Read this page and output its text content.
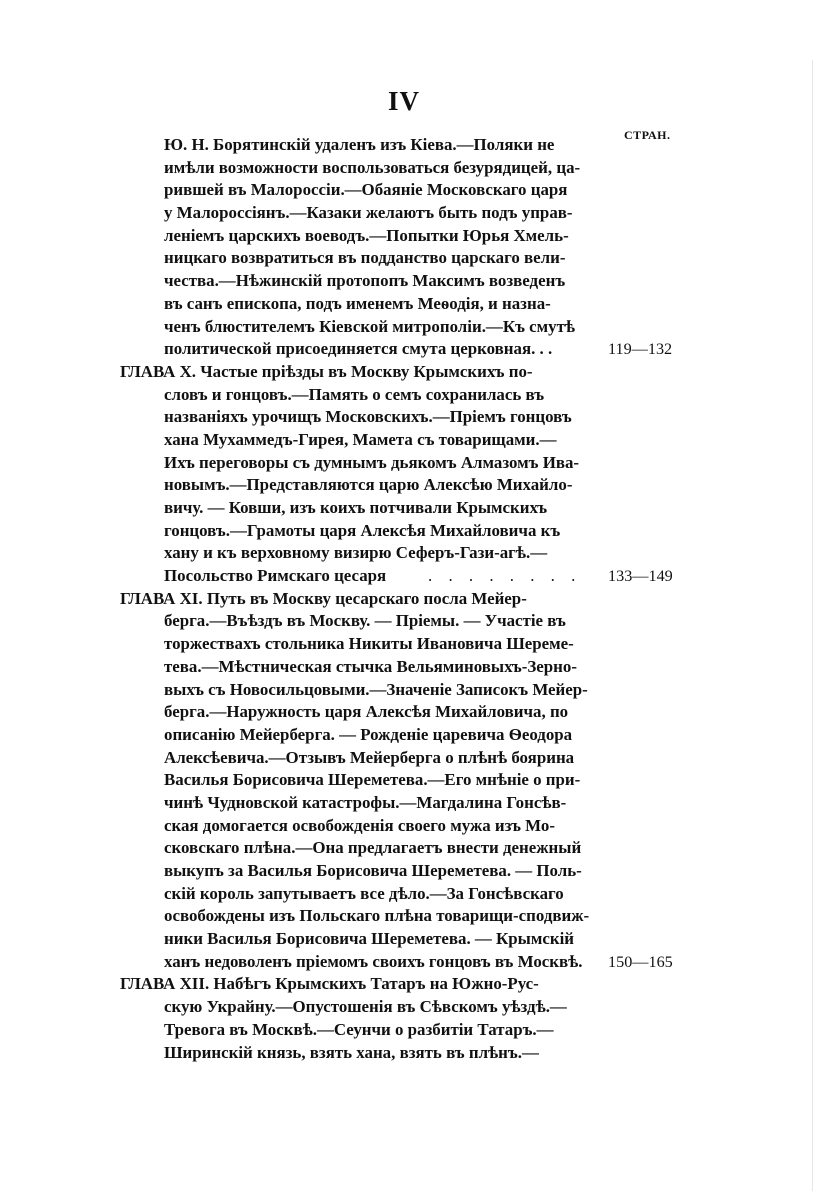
IV
СТРАН.
Ю. Н. Борятинскій удаленъ изъ Кіева.—Поляки не
имѣли возможности воспользоваться безурядицей, ца-
рившей въ Малороссіи.—Обаяніе Московскаго царя
у Малороссіянъ.—Казаки желаютъ быть подъ управ-
леніемъ царскихъ воеводъ.—Попытки Юрья Хмель-
ницкаго возвратиться въ подданство царскаго вели-
чества.—Нѣжинскій протопопъ Максимъ возведенъ
въ санъ епископа, подъ именемъ Меѳодія, и назна-
ченъ блюстителемъ Кіевской митрополіи.—Къ смутѣ
политической присоединяется смута церковная. . .	119—132
ГЛАВА X. Частые пріѣзды въ Москву Крымскихъ по-
словъ и гонцовъ.—Память о семъ сохранилась въ
названіяхъ урочищъ Московскихъ.—Пріемъ гонцовъ
хана Мухаммедъ-Гирея, Мамета съ товарищами.—
Ихъ переговоры съ думнымъ дьякомъ Алмазомъ Ива-
новымъ.—Представляются царю Алексѣю Михайло-
вичу. — Ковши, изъ коихъ потчивали Крымскихъ
гонцовъ.—Грамоты царя Алексѣя Михайловича къ
хану и къ верховному визирю Сеферъ-Гази-агѣ.—
Посольство Римскаго цесаря . . . . . . . . 133—149
ГЛАВА XI. Путь въ Москву цесарскаго посла Мейер-
берга.—Въѣздъ въ Москву. — Пріемы. — Участіе въ
торжествахъ стольника Никиты Ивановича Шереме-
тева.—Мѣстническая стычка Вельяминовыхъ-Зерно-
выхъ съ Новосильцовыми.—Значеніе Записокъ Мейер-
берга.—Наружность царя Алексѣя Михайловича, по
описанію Мейерберга. — Рожденіе царевича Ѳеодора
Алексѣевича.—Отзывъ Мейерберга о плѣнѣ боярина
Василья Борисовича Шереметева.—Его мнѣніе о при-
чинѣ Чудновской катастрофы.—Магдалина Гонсѣв-
ская домогается освобожденія своего мужа изъ Мо-
сковскаго плѣна.—Она предлагаетъ внести денежный
выкупъ за Василья Борисовича Шереметева. — Поль-
скій король запутываетъ все дѣло.—За Гонсѣвскаго
освобождены изъ Польскаго плѣна товарищи-сподвиж-
ники Василья Борисовича Шереметева. — Крымскій
ханъ недоволенъ пріемомъ своихъ гонцовъ въ Москвѣ. 150—165
ГЛАВА XII. Набѣгъ Крымскихъ Татаръ на Южно-Рус-
скую Украйну.—Опустошенія въ Сѣвскомъ уѣздѣ.—
Тревога въ Москвѣ.—Сеунчи о разбитіи Татаръ.—
Ширинскій князь, взять хана, взять въ плѣнъ.—
